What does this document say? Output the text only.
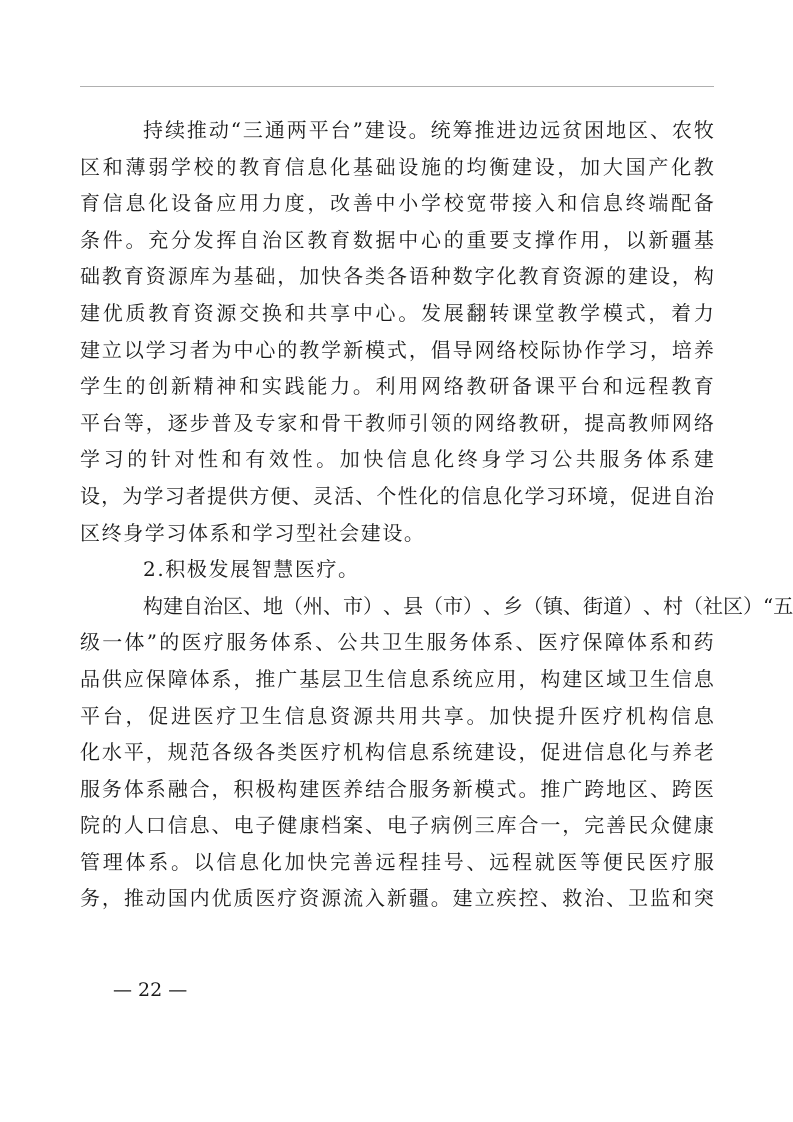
持 续 推 动 “ 三 通 两 平 台 ” 建 设 。 统 筹 推 进 边 远 贫 困 地 区 、 农 牧
区 和 薄 弱 学 校 的 教 育 信 息 化 基 础 设 施 的 均 衡 建 设 ， 加 大 国 产 化 教
育 信 息 化 设 备 应 用 力 度 ， 改 善 中 小 学 校 宽 带 接 入 和 信 息 终 端 配 备
条 件 。 充 分 发 挥 自 治 区 教 育 数 据 中 心 的 重 要 支 撑 作 用 ， 以 新 疆 基
础 教 育 资 源 库 为 基 础 ， 加 快 各 类 各 语 种 数 字 化 教 育 资 源 的 建 设 ， 构
建 优 质 教 育 资 源 交 换 和 共 享 中 心 。 发 展 翻 转 课 堂 教 学 模 式 ， 着 力
建 立 以 学 习 者 为 中 心 的 教 学 新 模 式 ， 倡 导 网 络 校 际 协 作 学 习 ， 培 养
学 生 的 创 新 精 神 和 实 践 能 力 。 利 用 网 络 教 研 备 课 平 台 和 远 程 教 育
平 台 等 ， 逐 步 普 及 专 家 和 骨 干 教 师 引 领 的 网 络 教 研 ， 提 高 教 师 网 络
学 习 的 针 对 性 和 有 效 性 。 加 快 信 息 化 终 身 学 习 公 共 服 务 体 系 建
设 ， 为 学 习 者 提 供 方 便 、 灵 活 、 个 性 化 的 信 息 化 学 习 环 境 ， 促 进 自 治
区 终 身 学 习 体 系 和 学 习 型 社 会 建 设 。
2 . 积 极 发 展 智 慧 医 疗 。
构 建 自 治 区 、 地 （ 州 、 市 ） 、 县 （ 市 ） 、 乡 （ 镇 、 街 道 ） 、 村 （ 社 区 ） “ 五
级 一 体 ” 的 医 疗 服 务 体 系 、 公 共 卫 生 服 务 体 系 、 医 疗 保 障 体 系 和 药
品 供 应 保 障 体 系 ， 推 广 基 层 卫 生 信 息 系 统 应 用 ， 构 建 区 域 卫 生 信 息
平 台 ， 促 进 医 疗 卫 生 信 息 资 源 共 用 共 享 。 加 快 提 升 医 疗 机 构 信 息
化 水 平 ， 规 范 各 级 各 类 医 疗 机 构 信 息 系 统 建 设 ， 促 进 信 息 化 与 养 老
服 务 体 系 融 合 ， 积 极 构 建 医 养 结 合 服 务 新 模 式 。 推 广 跨 地 区 、 跨 医
院 的 人 口 信 息 、 电 子 健 康 档 案 、 电 子 病 例 三 库 合 一 ， 完 善 民 众 健 康
管 理 体 系 。 以 信 息 化 加 快 完 善 远 程 挂 号 、 远 程 就 医 等 便 民 医 疗 服
务 ， 推 动 国 内 优 质 医 疗 资 源 流 入 新 疆 。 建 立 疾 控 、 救 治 、 卫 监 和 突
— 22 —
